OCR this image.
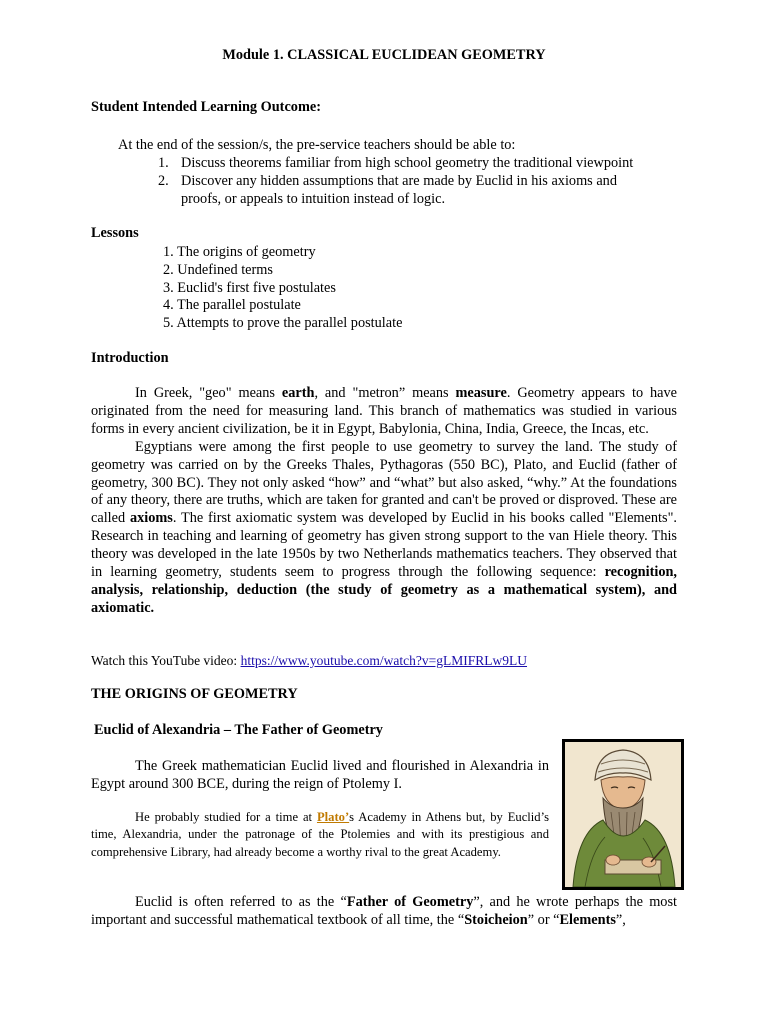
Module 1. CLASSICAL EUCLIDEAN GEOMETRY
Student Intended Learning Outcome:
At the end of the session/s, the pre-service teachers should be able to:
1. Discuss theorems familiar from high school geometry the traditional viewpoint
2. Discover any hidden assumptions that are made by Euclid in his axioms and proofs, or appeals to intuition instead of logic.
Lessons
1. The origins of geometry
2. Undefined terms
3. Euclid's first five postulates
4. The parallel postulate
5. Attempts to prove the parallel postulate
Introduction

In Greek, "geo" means earth, and "metron” means measure. Geometry appears to have originated from the need for measuring land. This branch of mathematics was studied in various forms in every ancient civilization, be it in Egypt, Babylonia, China, India, Greece, the Incas, etc.

Egyptians were among the first people to use geometry to survey the land. The study of geometry was carried on by the Greeks Thales, Pythagoras (550 BC), Plato, and Euclid (father of geometry, 300 BC). They not only asked “how” and “what” but also asked, “why.” At the foundations of any theory, there are truths, which are taken for granted and can't be proved or disproved. These are called axioms. The first axiomatic system was developed by Euclid in his books called "Elements". Research in teaching and learning of geometry has given strong support to the van Hiele theory. This theory was developed in the late 1950s by two Netherlands mathematics teachers. They observed that in learning geometry, students seem to progress through the following sequence: recognition, analysis, relationship, deduction (the study of geometry as a mathematical system), and axiomatic.

Watch this YouTube video: https://www.youtube.com/watch?v=gLMIFRLw9LU
THE ORIGINS OF GEOMETRY
Euclid of Alexandria – The Father of Geometry

The Greek mathematician Euclid lived and flourished in Alexandria in Egypt around 300 BCE, during the reign of Ptolemy I.

He probably studied for a time at Plato’s Academy in Athens but, by Euclid’s time, Alexandria, under the patronage of the Ptolemies and with its prestigious and comprehensive Library, had already become a worthy rival to the great Academy.

Euclid is often referred to as the “Father of Geometry”, and he wrote perhaps the most important and successful mathematical textbook of all time, the “Stoicheion” or “Elements”,
